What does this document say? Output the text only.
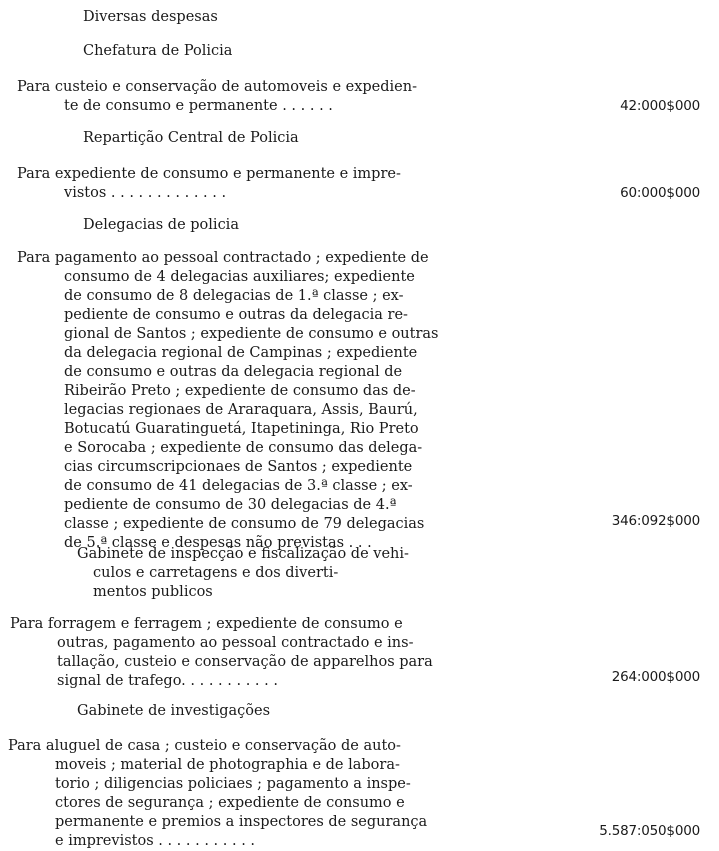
Diversas despesas
Chefatura de Policia
Para custeio e conservação de automoveis e expedien-
te de consumo e permanente . . . . . .	42:000$000
Repartição Central de Policia
Para expediente de consumo e permanente e impre-
vistos . . . . . . . . . . . . .	60:000$000
Delegacias de policia
Para pagamento ao pessoal contractado ; expediente de
consumo de 4 delegacias auxiliares; expediente
de consumo de 8 delegacias de 1.ª classe ; ex-
pediente de consumo e outras da delegacia re-
gional de Santos ; expediente de consumo e outras
da delegacia regional de Campinas ; expediente
de consumo e outras da delegacia regional de
Ribeirão Preto ; expediente de consumo das de-
legacias regionaes de Araraquara, Assis, Baurú,
Botucatú Guaratinguetá, Itapetininga, Rio Preto
e Sorocaba ; expediente de consumo das delega-
cias circumscripcionaes de Santos ; expediente
de consumo de 41 delegacias de 3.ª classe ; ex-
pediente de consumo de 30 delegacias de 4.ª
classe ; expediente de consumo de 79 delegacias
de 5.ª classe e despesas não previstas . . .
346:092$000
Gabinete de inspecção e fiscalização de vehi-
culos e carretagens e dos diverti-
mentos publicos
Para forragem e ferragem ; expediente de consumo e
outras, pagamento ao pessoal contractado e ins-
tallação, custeio e conservação de apparelhos para
signal de trafego. . . . . . . . . . .	264:000$000
Gabinete de investigações
Para aluguel de casa ; custeio e conservação de auto-
moveis ; material de photographia e de labora-
torio ; diligencias policiaes ; pagamento a inspe-
ctores de segurança ; expediente de consumo e
permanente e premios a inspectores de segurança
e imprevistos . . . . . . . . . . .
5.587:050$000
